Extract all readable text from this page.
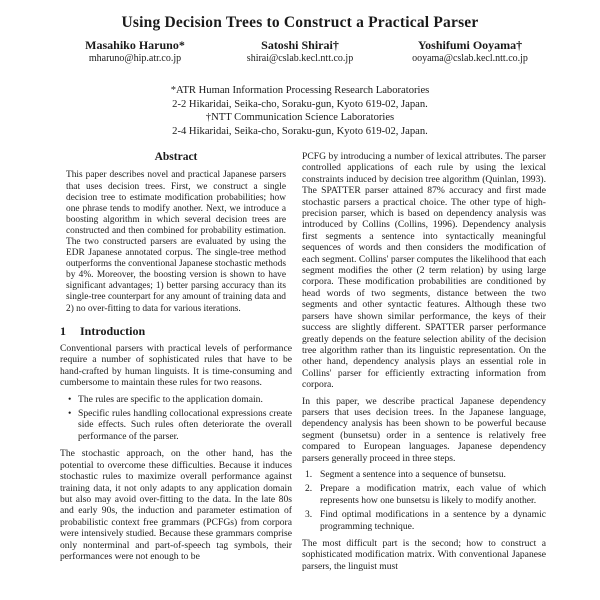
Using Decision Trees to Construct a Practical Parser
Masahiko Haruno*
mharuno@hip.atr.co.jp
Satoshi Shirai†
shirai@cslab.kecl.ntt.co.jp
Yoshifumi Ooyama†
ooyama@cslab.kecl.ntt.co.jp
*ATR Human Information Processing Research Laboratories
2-2 Hikaridai, Seika-cho, Soraku-gun, Kyoto 619-02, Japan.
†NTT Communication Science Laboratories
2-4 Hikaridai, Seika-cho, Soraku-gun, Kyoto 619-02, Japan.
Abstract
This paper describes novel and practical Japanese parsers that uses decision trees. First, we construct a single decision tree to estimate modification probabilities; how one phrase tends to modify another. Next, we introduce a boosting algorithm in which several decision trees are constructed and then combined for probability estimation. The two constructed parsers are evaluated by using the EDR Japanese annotated corpus. The single-tree method outperforms the conventional Japanese stochastic methods by 4%. Moreover, the boosting version is shown to have significant advantages; 1) better parsing accuracy than its single-tree counterpart for any amount of training data and 2) no over-fitting to data for various iterations.
1 Introduction

Conventional parsers with practical levels of performance require a number of sophisticated rules that have to be hand-crafted by human linguists. It is time-consuming and cumbersome to maintain these rules for two reasons.

• The rules are specific to the application domain.
• Specific rules handling collocational expressions create side effects. Such rules often deteriorate the overall performance of the parser.

The stochastic approach, on the other hand, has the potential to overcome these difficulties. Because it induces stochastic rules to maximize overall performance against training data, it not only adapts to any application domain but also may avoid over-fitting to the data. In the late 80s and early 90s, the induction and parameter estimation of probabilistic context free grammars (PCFGs) from corpora were intensively studied. Because these grammars comprise only nonterminal and part-of-speech tag symbols, their performances were not enough to be

PCFG by introducing a number of lexical attributes. The parser controlled applications of each rule by using the lexical constraints induced by decision tree algorithm (Quinlan, 1993). The SPATTER parser attained 87% accuracy and first made stochastic parsers a practical choice. The other type of high-precision parser, which is based on dependency analysis was introduced by Collins (Collins, 1996). Dependency analysis first segments a sentence into syntactically meaningful sequences of words and then considers the modification of each segment. Collins' parser computes the likelihood that each segment modifies the other (2 term relation) by using large corpora. These modification probabilities are conditioned by head words of two segments, distance between the two segments and other syntactic features. Although these two parsers have shown similar performance, the keys of their success are slightly different. SPATTER parser performance greatly depends on the feature selection ability of the decision tree algorithm rather than its linguistic representation. On the other hand, dependency analysis plays an essential role in Collins' parser for efficiently extracting information from corpora.

In this paper, we describe practical Japanese dependency parsers that uses decision trees. In the Japanese language, dependency analysis has been shown to be powerful because segment (bunsetsu) order in a sentence is relatively free compared to European languages. Japanese dependency parsers generally proceed in three steps.

1. Segment a sentence into a sequence of bunsetsu.
2. Prepare a modification matrix, each value of which represents how one bunsetsu is likely to modify another.
3. Find optimal modifications in a sentence by a dynamic programming technique.

The most difficult part is the second; how to construct a sophisticated modification matrix. With conventional Japanese parsers, the linguist must
